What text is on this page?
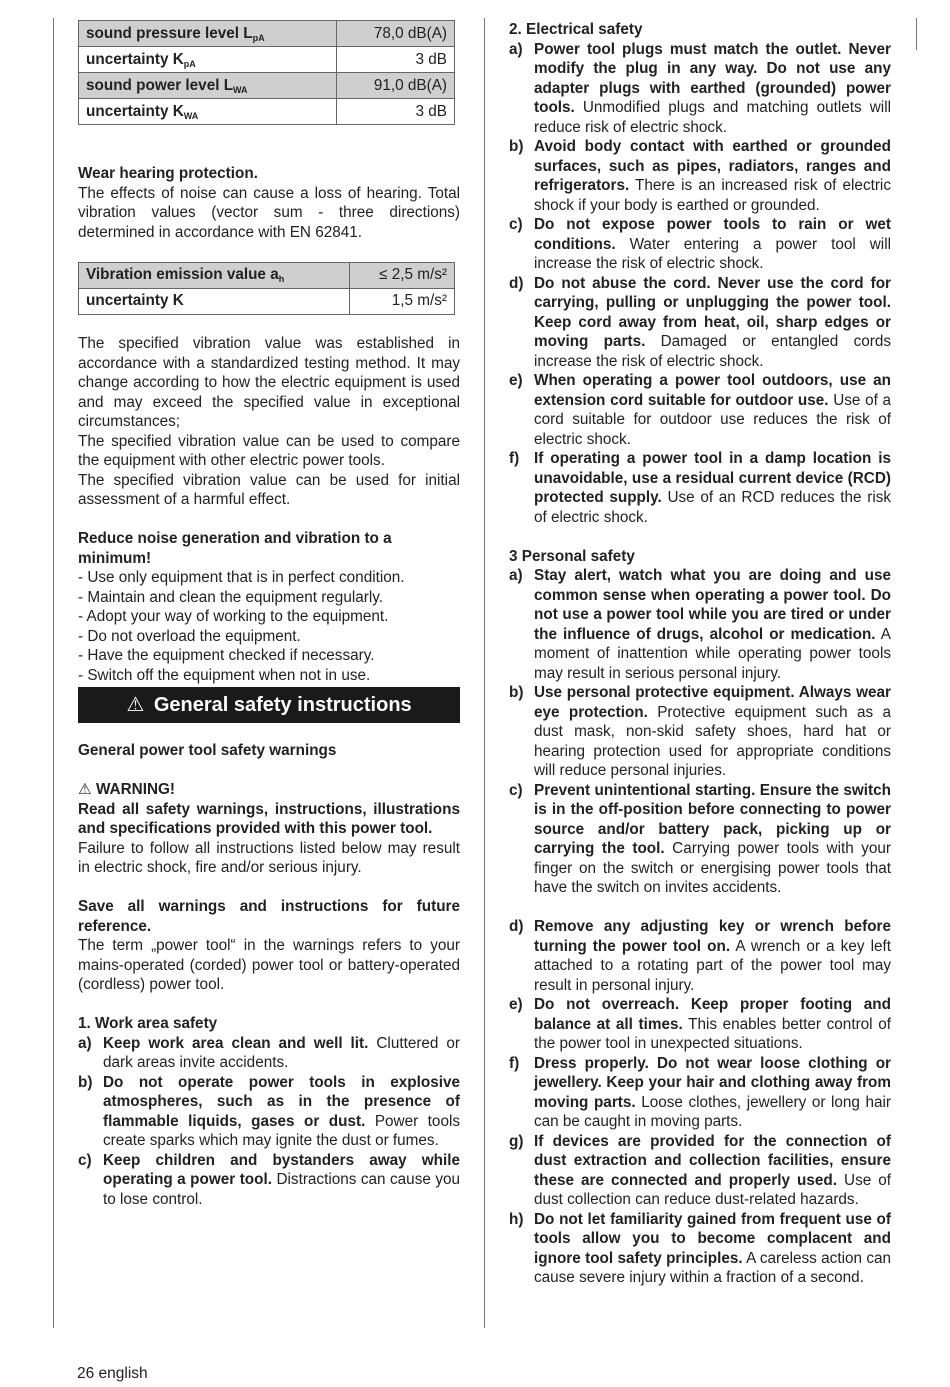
sound pressure level $L_{pA}$	78,0 dB(A)
uncertainty $K_{pA}$	3 dB
sound power level $L_{WA}$	91,0 dB(A)
uncertainty $K_{WA}$	3 dB

Wear hearing protection.

The effects of noise can cause a loss of hearing. Total vibration values (vector sum - three directions) determined in accordance with EN 62841.

Vibration emission value $a_h$	≤ 2,5 m/s²
uncertainty K	1,5 m/s²

The specified vibration value was established in accordance with a standardized testing method. It may change according to how the electric equipment is used and may exceed the specified value in exceptional circumstances;

The specified vibration value can be used to compare the equipment with other electric power tools.

The specified vibration value can be used for initial assessment of a harmful effect.

Reduce noise generation and vibration to a minimum!

- Use only equipment that is in perfect condition.

- Maintain and clean the equipment regularly.

- Adopt your way of working to the equipment.

- Do not overload the equipment.

- Have the equipment checked if necessary.

- Switch off the equipment when not in use.

⚠ General safety instructions

General power tool safety warnings

⚠ WARNING!

Read all safety warnings, instructions, illustrations and specifications provided with this power tool.

Failure to follow all instructions listed below may result in electric shock, fire and/or serious injury.

Save all warnings and instructions for future reference.

The term „power tool“ in the warnings refers to your mains-operated (corded) power tool or battery-operated (cordless) power tool.

1. Work area safety

a) Keep work area clean and well lit. Cluttered or dark areas invite accidents.
b) Do not operate power tools in explosive atmospheres, such as in the presence of flammable liquids, gases or dust. Power tools create sparks which may ignite the dust or fumes.
c) Keep children and bystanders away while operating a power tool. Distractions can cause you to lose control.

2. Electrical safety

a) Power tool plugs must match the outlet. Never modify the plug in any way. Do not use any adapter plugs with earthed (grounded) power tools. Unmodified plugs and matching outlets will reduce risk of electric shock.
b) Avoid body contact with earthed or grounded surfaces, such as pipes, radiators, ranges and refrigerators. There is an increased risk of electric shock if your body is earthed or grounded.
c) Do not expose power tools to rain or wet conditions. Water entering a power tool will increase the risk of electric shock.
d) Do not abuse the cord. Never use the cord for carrying, pulling or unplugging the power tool. Keep cord away from heat, oil, sharp edges or moving parts. Damaged or entangled cords increase the risk of electric shock.
e) When operating a power tool outdoors, use an extension cord suitable for outdoor use. Use of a cord suitable for outdoor use reduces the risk of electric shock.
f) If operating a power tool in a damp location is unavoidable, use a residual current device (RCD) protected supply. Use of an RCD reduces the risk of electric shock.

3 Personal safety

a) Stay alert, watch what you are doing and use common sense when operating a power tool. Do not use a power tool while you are tired or under the influence of drugs, alcohol or medication. A moment of inattention while operating power tools may result in serious personal injury.
b) Use personal protective equipment. Always wear eye protection. Protective equipment such as a dust mask, non-skid safety shoes, hard hat or hearing protection used for appropriate conditions will reduce personal injuries.
c) Prevent unintentional starting. Ensure the switch is in the off-position before connecting to power source and/or battery pack, picking up or carrying the tool. Carrying power tools with your finger on the switch or energising power tools that have the switch on invites accidents.
d) Remove any adjusting key or wrench before turning the power tool on. A wrench or a key left attached to a rotating part of the power tool may result in personal injury.
e) Do not overreach. Keep proper footing and balance at all times. This enables better control of the power tool in unexpected situations.
f) Dress properly. Do not wear loose clothing or jewellery. Keep your hair and clothing away from moving parts. Loose clothes, jewellery or long hair can be caught in moving parts.
g) If devices are provided for the connection of dust extraction and collection facilities, ensure these are connected and properly used. Use of dust collection can reduce dust-related hazards.
h) Do not let familiarity gained from frequent use of tools allow you to become complacent and ignore tool safety principles. A careless action can cause severe injury within a fraction of a second.
26 english
